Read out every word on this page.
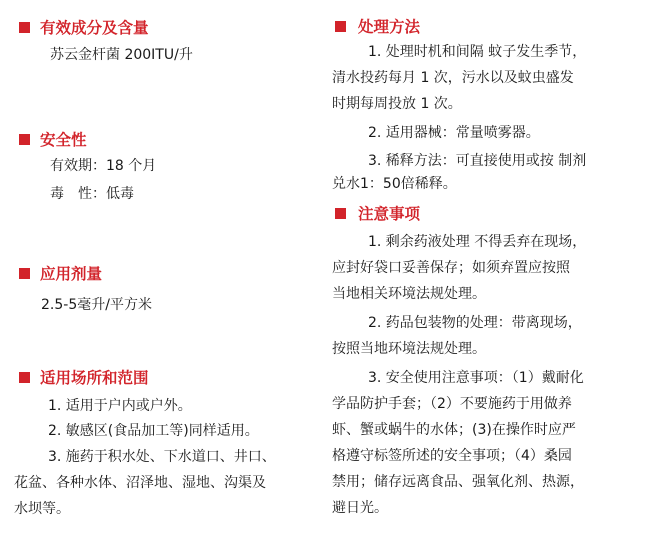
有效成分及含量
苏云金杆菌 200ITU/升
安全性
有效期：18 个月
毒　性：低毒
应用剂量
2.5-5毫升/平方米
适用场所和范围
1. 适用于户内或户外。
2. 敏感区(食品加工等)同样适用。
3. 施药于积水处、下水道口、井口、
花盆、各种水体、沼泽地、湿地、沟渠及
水坝等。
处理方法
1. 处理时机和间隔 蚊子发生季节，
清水投药每月 1 次，污水以及蚊虫盛发
时期每周投放 1 次。
2. 适用器械：常量喷雾器。
3. 稀释方法：可直接使用或按 制剂
兑水1：50倍稀释。
注意事项
1. 剩余药液处理 不得丢弃在现场，
应封好袋口妥善保存；如须弃置应按照
当地相关环境法规处理。
2. 药品包装物的处理：带离现场，
按照当地环境法规处理。
3. 安全使用注意事项：（1）戴耐化
学品防护手套；（2）不要施药于用做养
虾、蟹或蜗牛的水体；(3)在操作时应严
格遵守标签所述的安全事项；（4）桑园
禁用；储存远离食品、强氧化剂、热源，
避日光。
